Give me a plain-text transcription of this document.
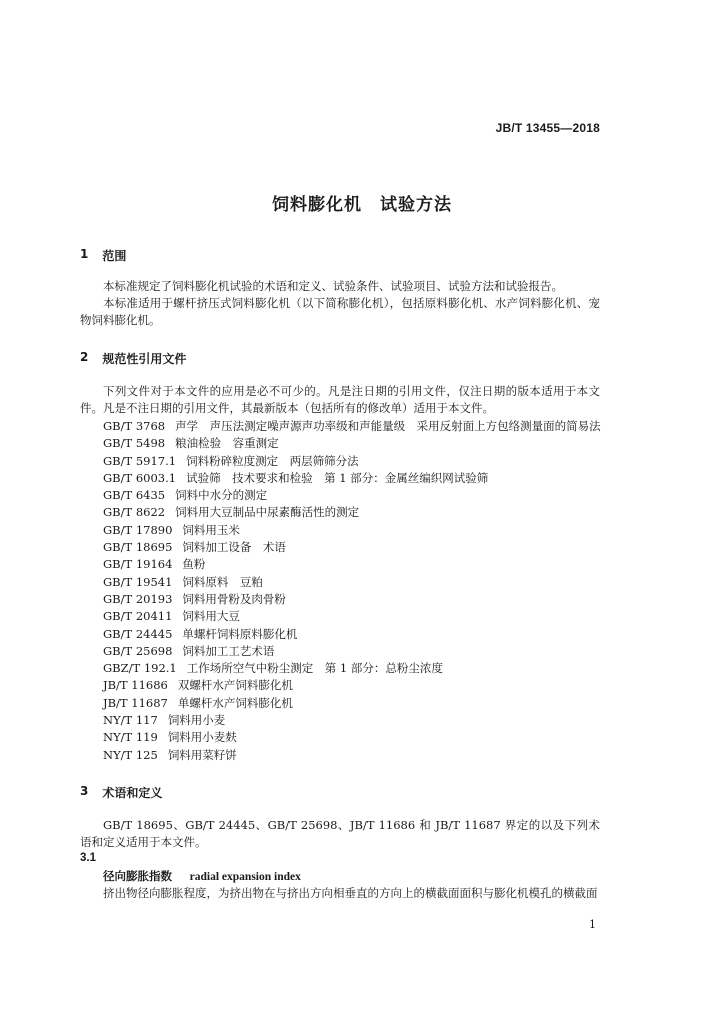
JB/T 13455—2018
饲料膨化机　试验方法
1 范围
本标准规定了饲料膨化机试验的术语和定义、试验条件、试验项目、试验方法和试验报告。
本标准适用于螺杆挤压式饲料膨化机（以下简称膨化机），包括原料膨化机、水产饲料膨化机、宠物饲料膨化机。
2 规范性引用文件
下列文件对于本文件的应用是必不可少的。凡是注日期的引用文件，仅注日期的版本适用于本文件。凡是不注日期的引用文件，其最新版本（包括所有的修改单）适用于本文件。
GB/T 3768 声学　声压法测定噪声源声功率级和声能量级　采用反射面上方包络测量面的简易法
GB/T 5498 粮油检验　容重测定
GB/T 5917.1 饲料粉碎粒度测定　两层筛筛分法
GB/T 6003.1 试验筛　技术要求和检验　第 1 部分：金属丝编织网试验筛
GB/T 6435 饲料中水分的测定
GB/T 8622 饲料用大豆制品中尿素酶活性的测定
GB/T 17890 饲料用玉米
GB/T 18695 饲料加工设备　术语
GB/T 19164 鱼粉
GB/T 19541 饲料原料　豆粕
GB/T 20193 饲料用骨粉及肉骨粉
GB/T 20411 饲料用大豆
GB/T 24445 单螺杆饲料原料膨化机
GB/T 25698 饲料加工工艺术语
GBZ/T 192.1 工作场所空气中粉尘测定　第 1 部分：总粉尘浓度
JB/T 11686 双螺杆水产饲料膨化机
JB/T 11687 单螺杆水产饲料膨化机
NY/T 117 饲料用小麦
NY/T 119 饲料用小麦麸
NY/T 125 饲料用菜籽饼
3 术语和定义
GB/T 18695、GB/T 24445、GB/T 25698、JB/T 11686 和 JB/T 11687 界定的以及下列术语和定义适用于本文件。
3.1
径向膨胀指数 radial expansion index
挤出物径向膨胀程度，为挤出物在与挤出方向相垂直的方向上的横截面面积与膨化机模孔的横截面
1
